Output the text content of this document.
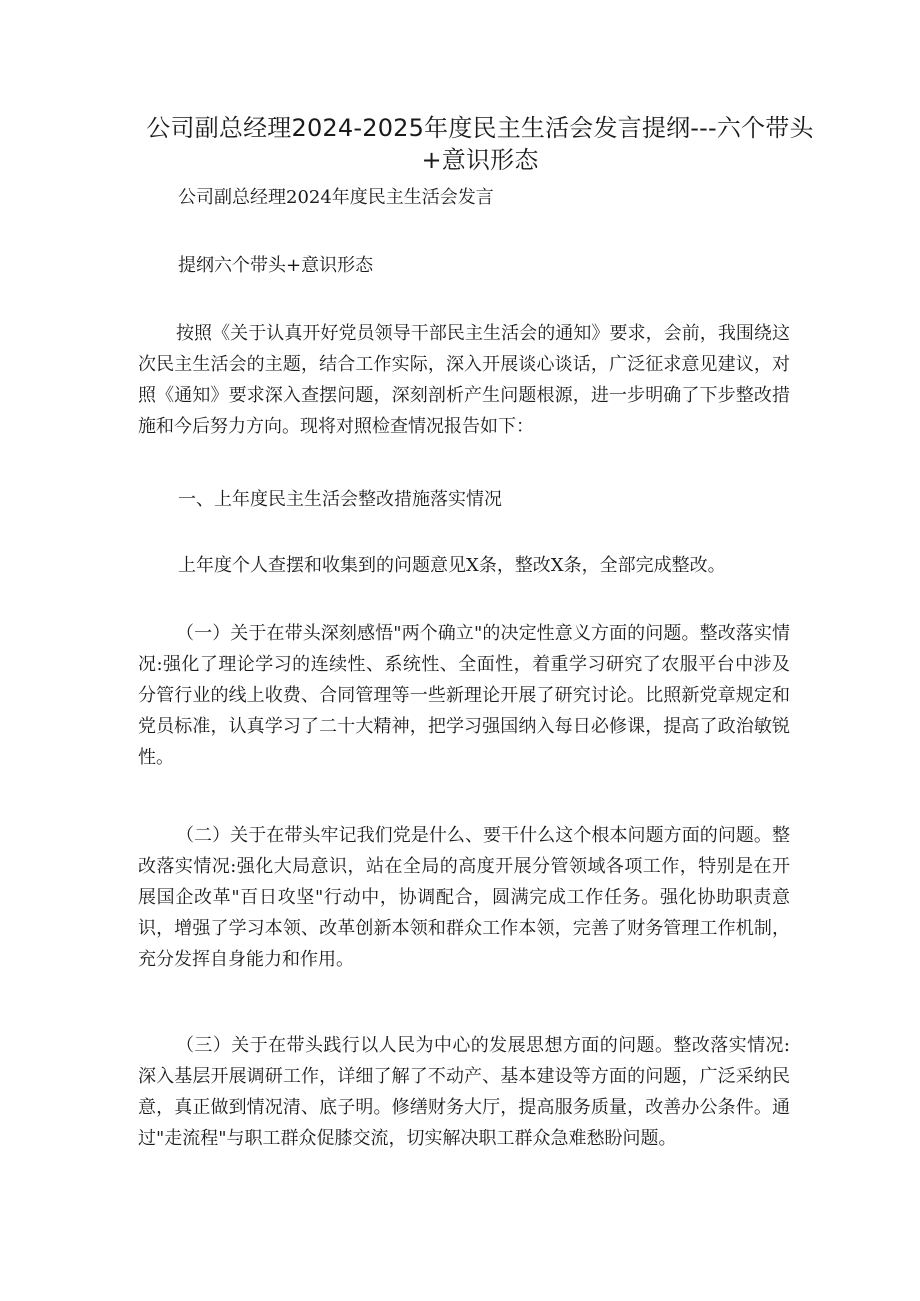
公司副总经理2024-2025年度民主生活会发言提纲---六个带头+意识形态

公司副总经理2024年度民主生活会发言

提纲六个带头+意识形态

按照《关于认真开好党员领导干部民主生活会的通知》要求，会前，我围绕这次民主生活会的主题，结合工作实际，深入开展谈心谈话，广泛征求意见建议，对照《通知》要求深入查摆问题，深刻剖析产生问题根源，进一步明确了下步整改措施和今后努力方向。现将对照检查情况报告如下：

一、上年度民主生活会整改措施落实情况

上年度个人查摆和收集到的问题意见X条，整改X条，全部完成整改。

（一）关于在带头深刻感悟"两个确立"的决定性意义方面的问题。整改落实情况:强化了理论学习的连续性、系统性、全面性，着重学习研究了农服平台中涉及分管行业的线上收费、合同管理等一些新理论开展了研究讨论。比照新党章规定和党员标准，认真学习了二十大精神，把学习强国纳入每日必修课，提高了政治敏锐性。

（二）关于在带头牢记我们党是什么、要干什么这个根本问题方面的问题。整改落实情况:强化大局意识，站在全局的高度开展分管领域各项工作，特别是在开展国企改革"百日攻坚"行动中，协调配合，圆满完成工作任务。强化协助职责意识，增强了学习本领、改革创新本领和群众工作本领，完善了财务管理工作机制，充分发挥自身能力和作用。

（三）关于在带头践行以人民为中心的发展思想方面的问题。整改落实情况:深入基层开展调研工作，详细了解了不动产、基本建设等方面的问题，广泛采纳民意，真正做到情况清、底子明。修缮财务大厅，提高服务质量，改善办公条件。通过"走流程"与职工群众促膝交流，切实解决职工群众急难愁盼问题。
